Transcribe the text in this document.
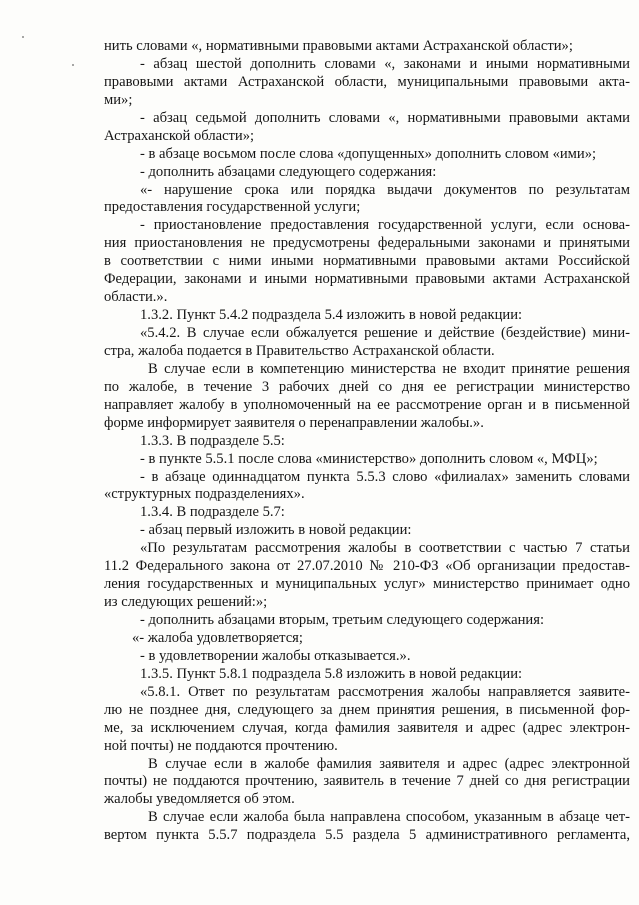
нить словами «, нормативными правовыми актами Астраханской области»;
- абзац шестой дополнить словами «, законами и иными нормативными
правовыми актами Астраханской области, муниципальными правовыми акта-
ми»;
- абзац седьмой дополнить словами «, нормативными правовыми актами
Астраханской области»;
- в абзаце восьмом после слова «допущенных» дополнить словом «ими»;
- дополнить абзацами следующего содержания:
«- нарушение срока или порядка выдачи документов по результатам
предоставления государственной услуги;
- приостановление предоставления государственной услуги, если основа-
ния приостановления не предусмотрены федеральными законами и принятыми
в соответствии с ними иными нормативными правовыми актами Российской
Федерации, законами и иными нормативными правовыми актами Астраханской
области.».
1.3.2. Пункт 5.4.2 подраздела 5.4 изложить в новой редакции:
«5.4.2. В случае если обжалуется решение и действие (бездействие) мини-
стра, жалоба подается в Правительство Астраханской области.
В случае если в компетенцию министерства не входит принятие решения
по жалобе, в течение 3 рабочих дней со дня ее регистрации министерство
направляет жалобу в уполномоченный на ее рассмотрение орган и в письменной
форме информирует заявителя о перенаправлении жалобы.».
1.3.3. В подразделе 5.5:
- в пункте 5.5.1 после слова «министерство» дополнить словом «, МФЦ»;
- в абзаце одиннадцатом пункта 5.5.3 слово «филиалах» заменить словами
«структурных подразделениях».
1.3.4. В подразделе 5.7:
- абзац первый изложить в новой редакции:
«По результатам рассмотрения жалобы в соответствии с частью 7 статьи
11.2 Федерального закона от 27.07.2010 № 210-ФЗ «Об организации предостав-
ления государственных и муниципальных услуг» министерство принимает одно
из следующих решений:»;
- дополнить абзацами вторым, третьим следующего содержания:
«- жалоба удовлетворяется;
- в удовлетворении жалобы отказывается.».
1.3.5. Пункт 5.8.1 подраздела 5.8 изложить в новой редакции:
«5.8.1. Ответ по результатам рассмотрения жалобы направляется заявите-
лю не позднее дня, следующего за днем принятия решения, в письменной фор-
ме, за исключением случая, когда фамилия заявителя и адрес (адрес электрон-
ной почты) не поддаются прочтению.
В случае если в жалобе фамилия заявителя и адрес (адрес электронной
почты) не поддаются прочтению, заявитель в течение 7 дней со дня регистрации
жалобы уведомляется об этом.
В случае если жалоба была направлена способом, указанным в абзаце чет-
вертом пункта 5.5.7 подраздела 5.5 раздела 5 административного регламента,
